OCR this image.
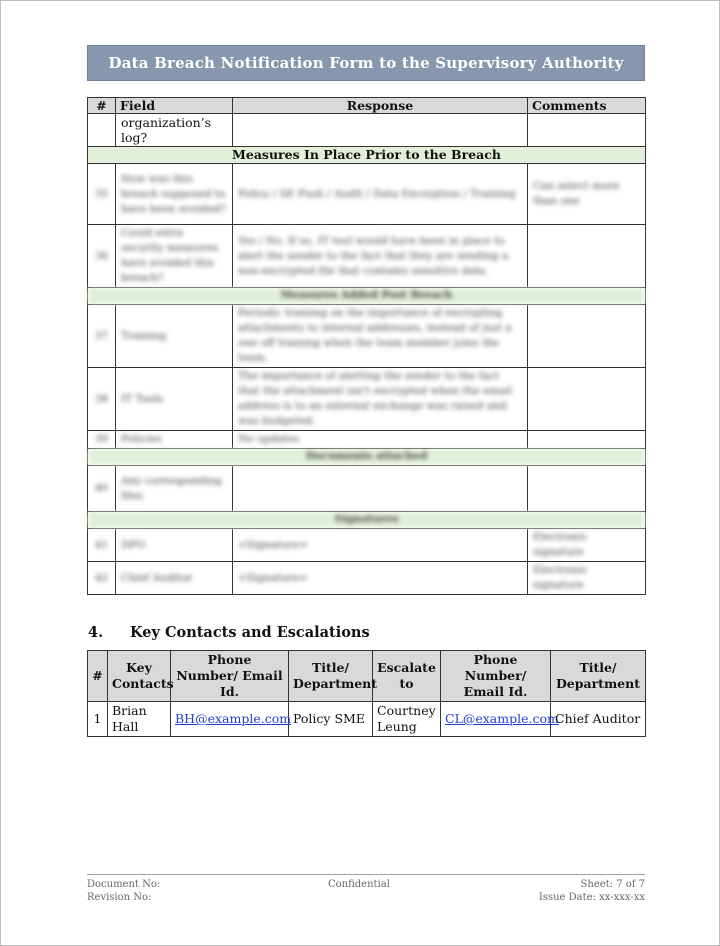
Data Breach Notification Form to the Supervisory Authority
#	Field	Response	Comments
	organization’s log?		
Measures In Place Prior to the Breach			
35	How was this breach supposed to have been avoided?	Policy / SE Push / Audit / Data Encryption / Training	Can select more than one
36	Could extra security measures have avoided this breach?	Yes / No. If so, IT tool would have been in place to alert the sender to the fact that they are sending a non-encrypted file that contains sensitive data.	
Measures Added Post Breach			
37	Training	Periodic training on the importance of encrypting attachments to internal addresses, instead of just a one off training when the team member joins the team.	
38	IT Tools	The importance of alerting the sender to the fact that the attachment isn't encrypted when the email address is to an external exchange was raised and was budgeted.	
39	Policies	No updates	
Documents attached			
40	Any corresponding files		
Signatures			
41	DPO	<Signature>	Electronic signature
42	Chief Auditor	<Signature>	Electronic signature
4. Key Contacts and Escalations
#	Key Contacts	Phone Number/ Email Id.	Title/ Department	Escalate to	Phone Number/ Email Id.	Title/ Department
1	Brian Hall	BH@example.com	Policy SME	Courtney Leung	CL@example.com	Chief Auditor
Document No:
Revision No:
Confidential	Sheet: 7 of 7
Issue Date: xx-xxx-xx
